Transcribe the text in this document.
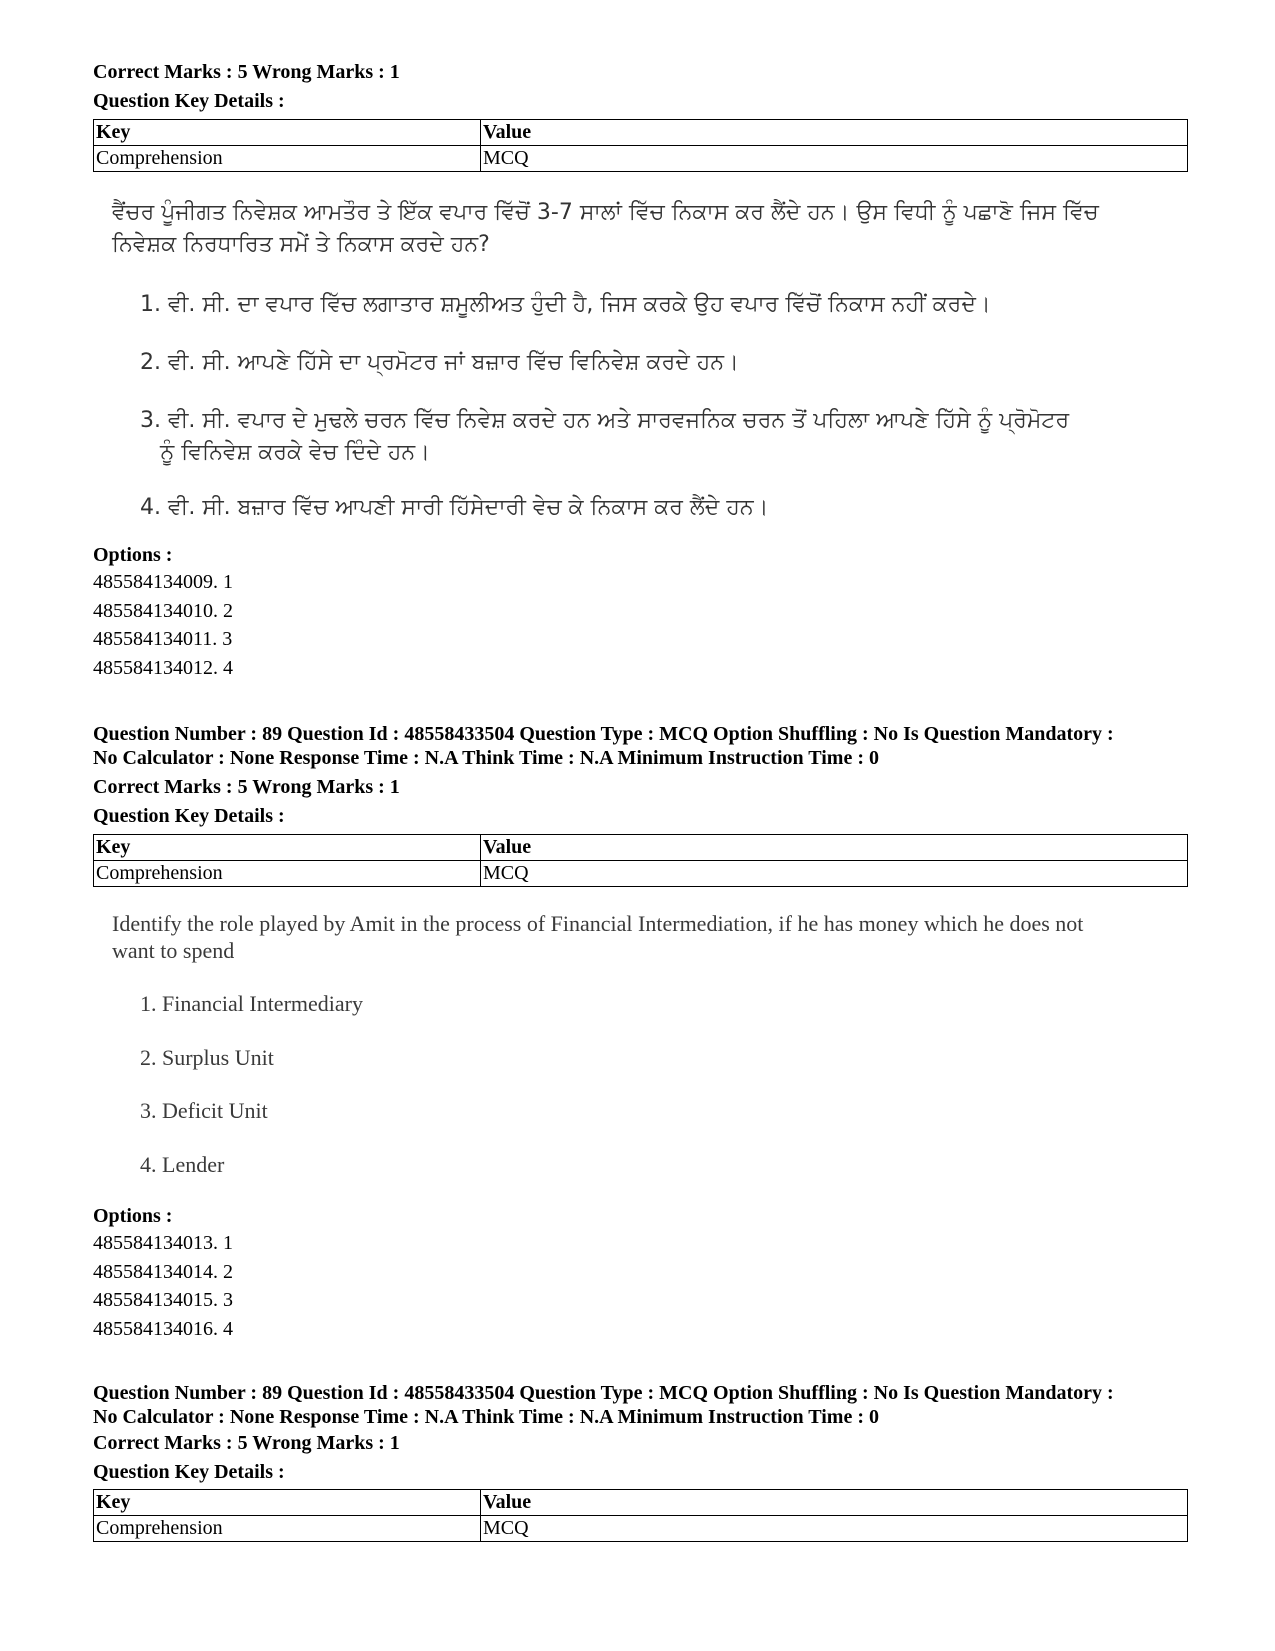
Correct Marks : 5 Wrong Marks : 1
Question Key Details :
Key	Value
Comprehension	MCQ
ਵੈਂਚਰ ਪੂੰਜੀਗਤ ਨਿਵੇਸ਼ਕ ਆਮਤੌਰ ਤੇ ਇੱਕ ਵਪਾਰ ਵਿੱਚੋਂ 3-7 ਸਾਲਾਂ ਵਿੱਚ ਨਿਕਾਸ ਕਰ ਲੈਂਦੇ ਹਨ। ਉਸ ਵਿਧੀ ਨੂੰ ਪਛਾਣੋ ਜਿਸ ਵਿੱਚ ਨਿਵੇਸ਼ਕ ਨਿਰਧਾਰਿਤ ਸਮੇਂ ਤੇ ਨਿਕਾਸ ਕਰਦੇ ਹਨ?
1. ਵੀ. ਸੀ. ਦਾ ਵਪਾਰ ਵਿੱਚ ਲਗਾਤਾਰ ਸ਼ਮੂਲੀਅਤ ਹੁੰਦੀ ਹੈ, ਜਿਸ ਕਰਕੇ ਉਹ ਵਪਾਰ ਵਿੱਚੋਂ ਨਿਕਾਸ ਨਹੀਂ ਕਰਦੇ।
2. ਵੀ. ਸੀ. ਆਪਣੇ ਹਿੱਸੇ ਦਾ ਪ੍ਰਮੋਟਰ ਜਾਂ ਬਜ਼ਾਰ ਵਿੱਚ ਵਿਨਿਵੇਸ਼ ਕਰਦੇ ਹਨ।
3. ਵੀ. ਸੀ. ਵਪਾਰ ਦੇ ਮੁਢਲੇ ਚਰਨ ਵਿੱਚ ਨਿਵੇਸ਼ ਕਰਦੇ ਹਨ ਅਤੇ ਸਾਰਵਜਨਿਕ ਚਰਨ ਤੋਂ ਪਹਿਲਾ ਆਪਣੇ ਹਿੱਸੇ ਨੂੰ ਪ੍ਰੋਮੋਟਰ
ਨੂੰ ਵਿਨਿਵੇਸ਼ ਕਰਕੇ ਵੇਚ ਦਿੰਦੇ ਹਨ।
4. ਵੀ. ਸੀ. ਬਜ਼ਾਰ ਵਿੱਚ ਆਪਣੀ ਸਾਰੀ ਹਿੱਸੇਦਾਰੀ ਵੇਚ ਕੇ ਨਿਕਾਸ ਕਰ ਲੈਂਦੇ ਹਨ।
Options :
485584134009. 1
485584134010. 2
485584134011. 3
485584134012. 4
Question Number : 89 Question Id : 48558433504 Question Type : MCQ Option Shuffling : No Is Question Mandatory :
No Calculator : None Response Time : N.A Think Time : N.A Minimum Instruction Time : 0
Correct Marks : 5 Wrong Marks : 1
Question Key Details :
Key	Value
Comprehension	MCQ
Identify the role played by Amit in the process of Financial Intermediation, if he has money which he does not
want to spend
1. Financial Intermediary
2. Surplus Unit
3. Deficit Unit
4. Lender
Options :
485584134013. 1
485584134014. 2
485584134015. 3
485584134016. 4
Question Number : 89 Question Id : 48558433504 Question Type : MCQ Option Shuffling : No Is Question Mandatory :
No Calculator : None Response Time : N.A Think Time : N.A Minimum Instruction Time : 0
Correct Marks : 5 Wrong Marks : 1
Question Key Details :
Key	Value
Comprehension	MCQ
